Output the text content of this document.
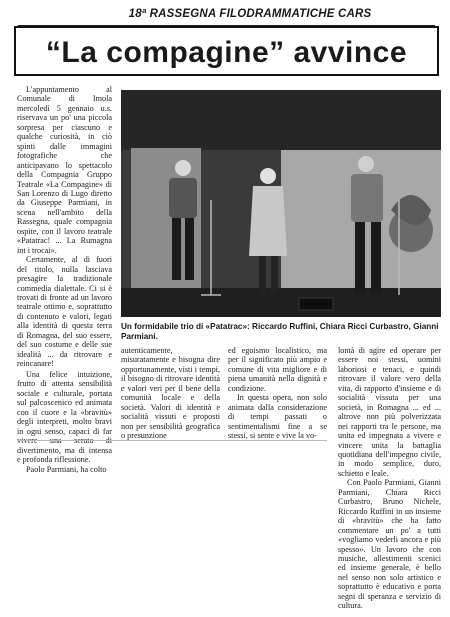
18ª RASSEGNA FILODRAMMATICHE CARS
“La compagine” avvince

L'appuntamento al Comunale di Imola mercoledì 5 gennaio u.s. riservava un po' una piccola sorpresa per ciascuno e qualche curiosità, in ciò spinti dalle immagini fotografiche che anticipavano lo spettacolo della Compagnia Gruppo Teatrale «La Compagine» di San Lorenzo di Lugo diretto da Giuseppe Parmiani, in scena nell'ambito della Rassegna, quale compagnia ospite, con il lavoro teatrale «Patatrac! ... La Rumagna int i trocai».

Certamente, al di fuori del titolo, nulla lasciava presagire la tradizionale commedia dialettale. Ci si è trovati di fronte ad un lavoro teatrale ottimo e, soprattutto di contenuto e valori, legati alla identità di questa terra di Romagna, del suo essere, del suo costume e delle sue idealità ... da ritrovare e reincanare!

Una felice intuizione, frutto di attenta sensibilità sociale e culturale, portata sul palcoscenico ed animata con il cuore e la «bravitù» degli interpreti, molto bravi in ogni senso, capaci di far divertimento, ma di intensa e profonda riflessione.

Paolo Parmiani, ha colto

Un formidabile trio di «Patatrac»: Riccardo Ruffini, Chiara Ricci Curbastro, Gianni Parmiani.

autenticamente, misuratamente e bisogna dire opportunamente, visti i tempi, il bisogno di ritrovare identità e valori veri per il bene della comunità locale e della società. Valori di identità e socialità vissuti e proposti non per sensibilità geografica o presunzione

ed egoismo localistico, ma per il significato più ampio e comune di vita migliore e di piena umanità nella dignità e condizione.

In questa opera, non solo animata dalla considerazione di tempi passati o sentimentalismi fine a se stessi, si sente e vive la vo-

lontà di agire ed operare per essere noi stessi, uomini laboriosi e tenaci, e quindi ritrovare il valore vero della vita, di rapporto d'insieme e di socialità vissuta per una società, in Romagna ... ed ... altrove non più polverizzata nei rapporti tra le persone, ma unita ed impegnata a vivere e vincere unita la battaglia quotidiana dell'impegno civile, in modo semplice, duro, schietto e leale.

Con Paolo Parmiani, Gianni Parmiani, Chiara Ricci Curbastro, Bruno Nichele, Riccardo Ruffini in un insieme di «bravitù» che ha fatto commentare un po' a tutti «vogliamo vederli ancora e più spesso». Un lavoro che con musiche, allestimenti scenici ed insieme generale, è bello nel senso non solo artistico e soprattutto è educativo e porta segni di speranza e servizio di cultura.
